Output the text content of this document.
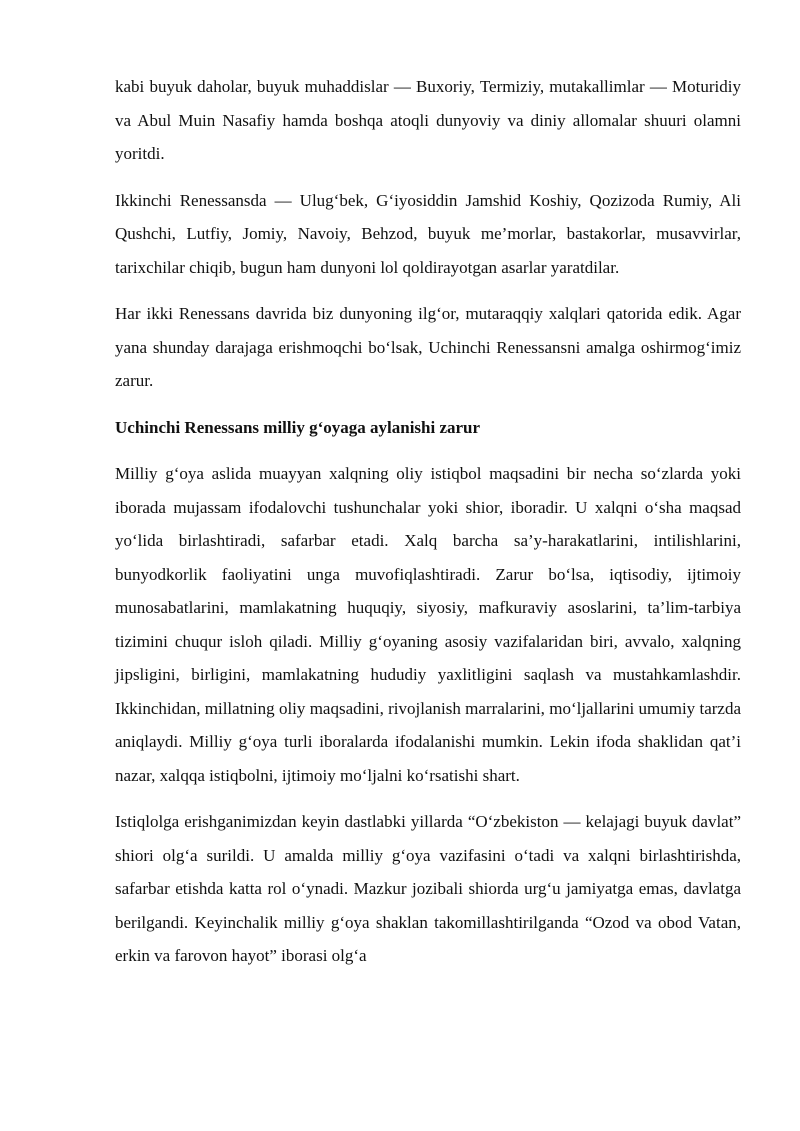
kabi buyuk daholar, buyuk muhaddislar — Buxoriy, Termiziy, mutakallimlar — Moturidiy va Abul Muin Nasafiy hamda boshqa atoqli dunyoviy va diniy allomalar shuuri olamni yoritdi.

Ikkinchi Renessansda — Ulug‘bek, G‘iyosiddin Jamshid Koshiy, Qozizoda Rumiy, Ali Qushchi, Lutfiy, Jomiy, Navoiy, Behzod, buyuk me’morlar, bastakorlar, musavvirlar, tarixchilar chiqib, bugun ham dunyoni lol qoldirayotgan asarlar yaratdilar.

Har ikki Renessans davrida biz dunyoning ilg‘or, mutaraqqiy xalqlari qatorida edik. Agar yana shunday darajaga erishmoqchi bo‘lsak, Uchinchi Renessansni amalga oshirmog‘imiz zarur.

Uchinchi Renessans milliy g‘oyaga aylanishi zarur

Milliy g‘oya aslida muayyan xalqning oliy istiqbol maqsadini bir necha so‘zlarda yoki iborada mujassam ifodalovchi tushunchalar yoki shior, iboradir. U xalqni o‘sha maqsad yo‘lida birlashtiradi, safarbar etadi. Xalq barcha sa’y-harakatlarini, intilishlarini, bunyodkorlik faoliyatini unga muvofiqlashtiradi. Zarur bo‘lsa, iqtisodiy, ijtimoiy munosabatlarini, mamlakatning huquqiy, siyosiy, mafkuraviy asoslarini, ta’lim-tarbiya tizimini chuqur isloh qiladi. Milliy g‘oyaning asosiy vazifalaridan biri, avvalo, xalqning jipsligini, birligini, mamlakatning hududiy yaxlitligini saqlash va mustahkamlashdir. Ikkinchidan, millatning oliy maqsadini, rivojlanish marralarini, mo‘ljallarini umumiy tarzda aniqlaydi. Milliy g‘oya turli iboralarda ifodalanishi mumkin. Lekin ifoda shaklidan qat’i nazar, xalqqa istiqbolni, ijtimoiy mo‘ljalni ko‘rsatishi shart.

Istiqlolga erishganimizdan keyin dastlabki yillarda “O‘zbekiston — kelajagi buyuk davlat” shiori olg‘a surildi. U amalda milliy g‘oya vazifasini o‘tadi va xalqni birlashtirishda, safarbar etishda katta rol o‘ynadi. Mazkur jozibali shiorda urg‘u jamiyatga emas, davlatga berilgandi. Keyinchalik milliy g‘oya shaklan takomillashtirilganda “Ozod va obod Vatan, erkin va farovon hayot” iborasi olg‘a
